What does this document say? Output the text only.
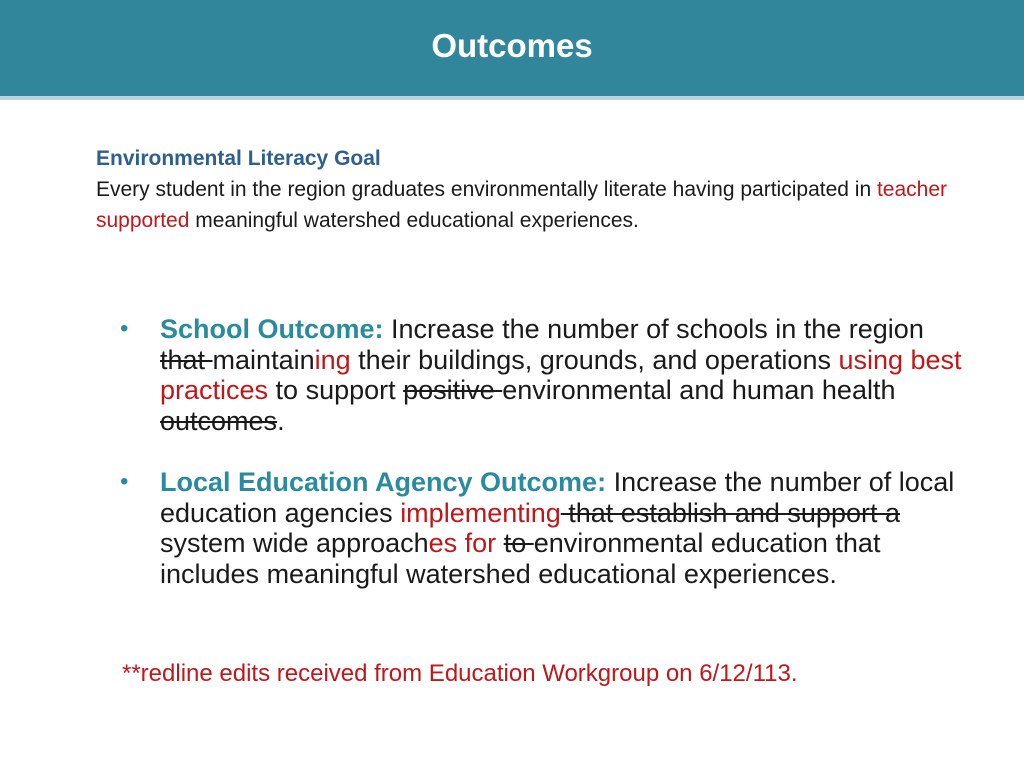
Outcomes
Environmental Literacy Goal
Every student in the region graduates environmentally literate having participated in teacher supported meaningful watershed educational experiences.
• School Outcome: Increase the number of schools in the region that maintaining their buildings, grounds, and operations using best practices to support positive environmental and human health outcomes.
• Local Education Agency Outcome: Increase the number of local education agencies implementing that establish and support a system wide approaches for to environmental education that includes meaningful watershed educational experiences.
**redline edits received from Education Workgroup on 6/12/113.
